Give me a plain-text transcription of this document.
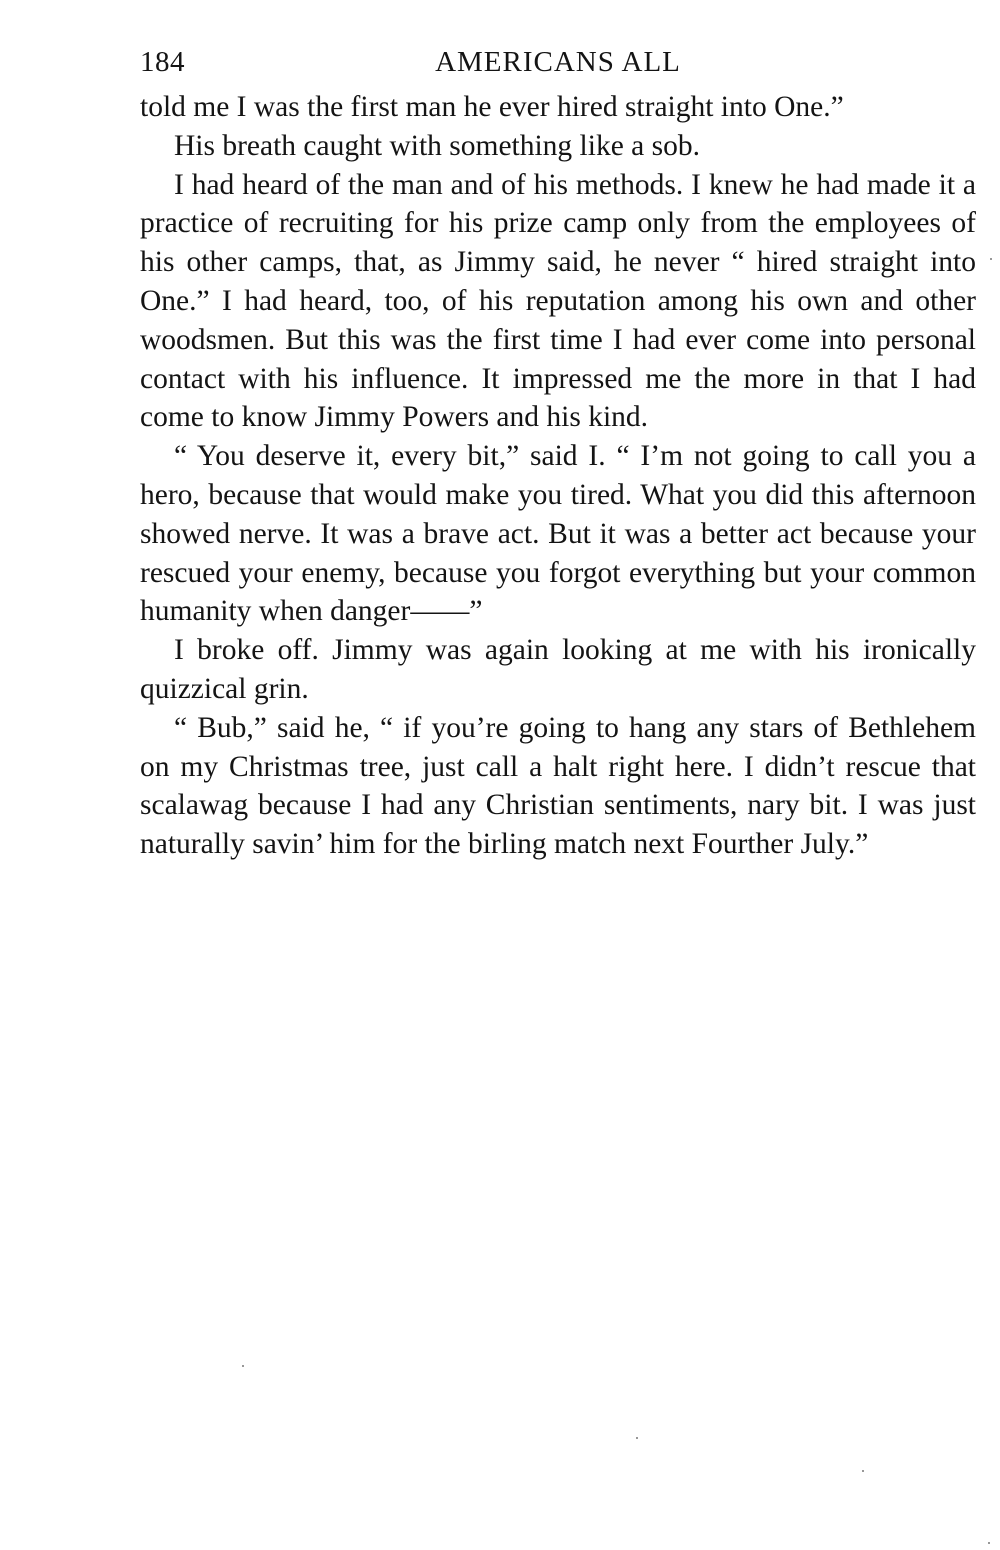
184	AMERICANS ALL

told me I was the first man he ever hired straight into One.”

His breath caught with something like a sob.

I had heard of the man and of his methods. I knew he had made it a practice of recruiting for his prize camp only from the employees of his other camps, that, as Jimmy said, he never “ hired straight into One.” I had heard, too, of his reputation among his own and other woodsmen. But this was the first time I had ever come into personal contact with his influence. It impressed me the more in that I had come to know Jimmy Powers and his kind.

“ You deserve it, every bit,” said I. “ I’m not going to call you a hero, because that would make you tired. What you did this afternoon showed nerve. It was a brave act. But it was a better act because your rescued your enemy, because you forgot everything but your common humanity when danger——”

I broke off. Jimmy was again looking at me with his ironically quizzical grin.

“ Bub,” said he, “ if you’re going to hang any stars of Bethlehem on my Christmas tree, just call a halt right here. I didn’t rescue that scalawag because I had any Christian sentiments, nary bit. I was just naturally savin’ him for the birling match next Fourther July.”
